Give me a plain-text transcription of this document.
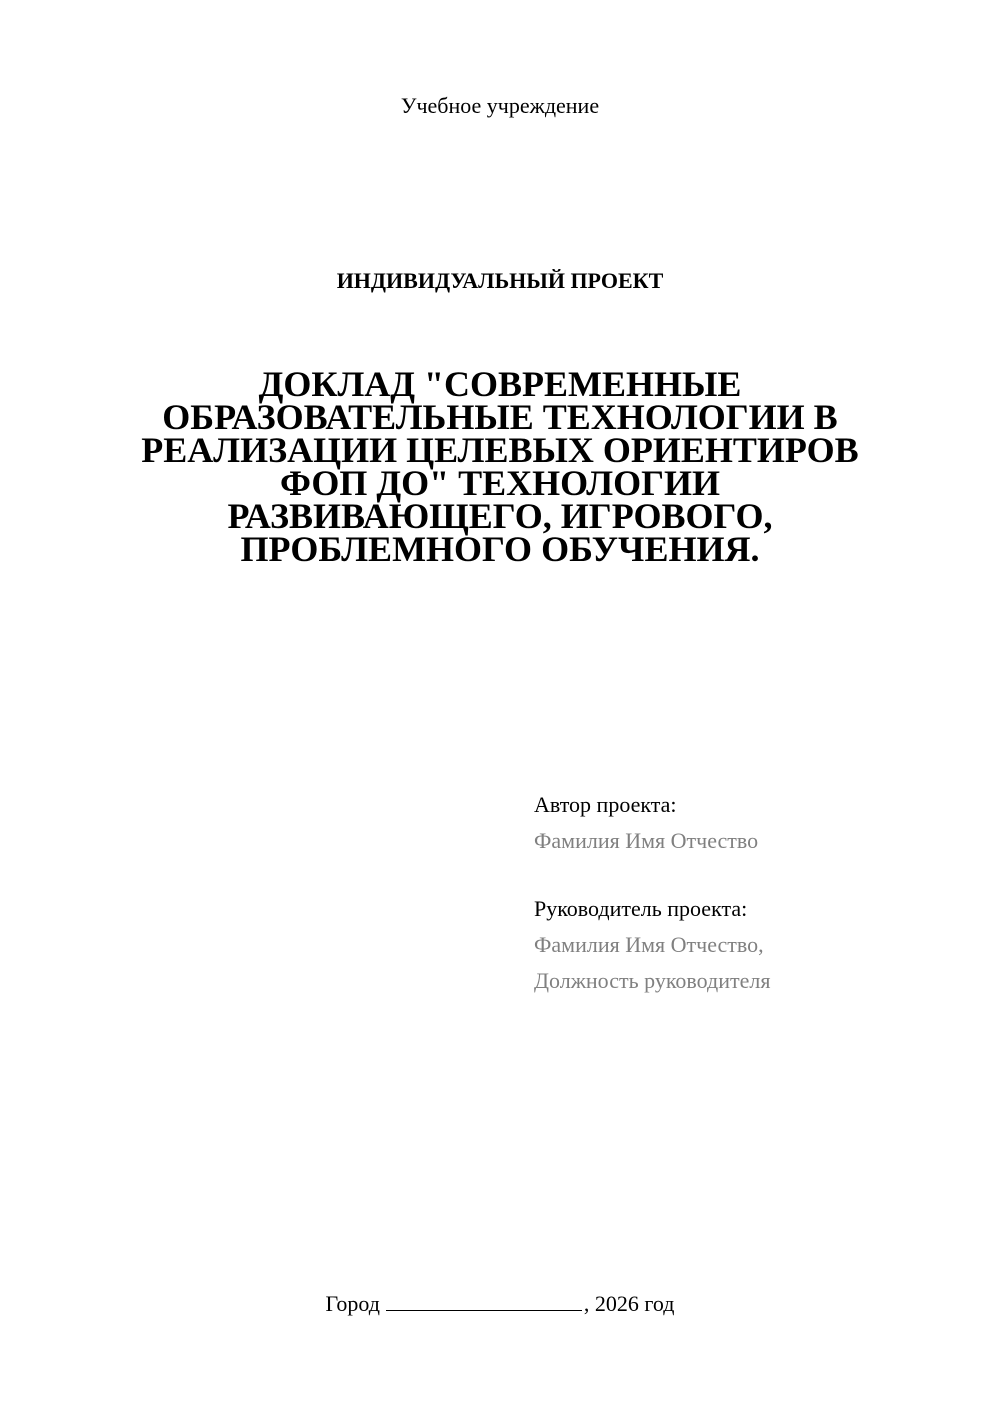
Учебное учреждение
ИНДИВИДУАЛЬНЫЙ ПРОЕКТ
ДОКЛАД "СОВРЕМЕННЫЕ
ОБРАЗОВАТЕЛЬНЫЕ ТЕХНОЛОГИИ В
РЕАЛИЗАЦИИ ЦЕЛЕВЫХ ОРИЕНТИРОВ
ФОП ДО" ТЕХНОЛОГИИ
РАЗВИВАЮЩЕГО, ИГРОВОГО,
ПРОБЛЕМНОГО ОБУЧЕНИЯ.
Автор проекта:
Фамилия Имя Отчество
Руководитель проекта:
Фамилия Имя Отчество,
Должность руководителя
Город	, 2026 год
